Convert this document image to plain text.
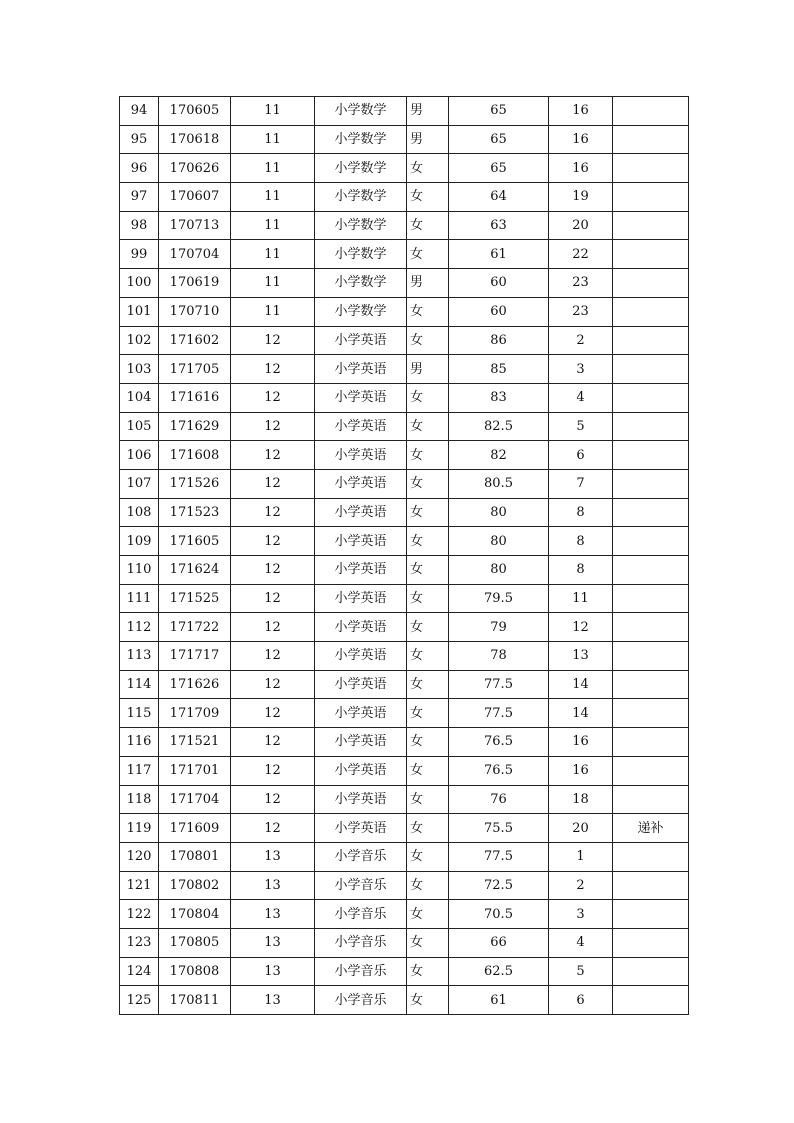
94	170605	11	小学数学	男	65	16	
95	170618	11	小学数学	男	65	16	
96	170626	11	小学数学	女	65	16	
97	170607	11	小学数学	女	64	19	
98	170713	11	小学数学	女	63	20	
99	170704	11	小学数学	女	61	22	
100	170619	11	小学数学	男	60	23	
101	170710	11	小学数学	女	60	23	
102	171602	12	小学英语	女	86	2	
103	171705	12	小学英语	男	85	3	
104	171616	12	小学英语	女	83	4	
105	171629	12	小学英语	女	82.5	5	
106	171608	12	小学英语	女	82	6	
107	171526	12	小学英语	女	80.5	7	
108	171523	12	小学英语	女	80	8	
109	171605	12	小学英语	女	80	8	
110	171624	12	小学英语	女	80	8	
111	171525	12	小学英语	女	79.5	11	
112	171722	12	小学英语	女	79	12	
113	171717	12	小学英语	女	78	13	
114	171626	12	小学英语	女	77.5	14	
115	171709	12	小学英语	女	77.5	14	
116	171521	12	小学英语	女	76.5	16	
117	171701	12	小学英语	女	76.5	16	
118	171704	12	小学英语	女	76	18	
119	171609	12	小学英语	女	75.5	20	递补
120	170801	13	小学音乐	女	77.5	1	
121	170802	13	小学音乐	女	72.5	2	
122	170804	13	小学音乐	女	70.5	3	
123	170805	13	小学音乐	女	66	4	
124	170808	13	小学音乐	女	62.5	5	
125	170811	13	小学音乐	女	61	6	
